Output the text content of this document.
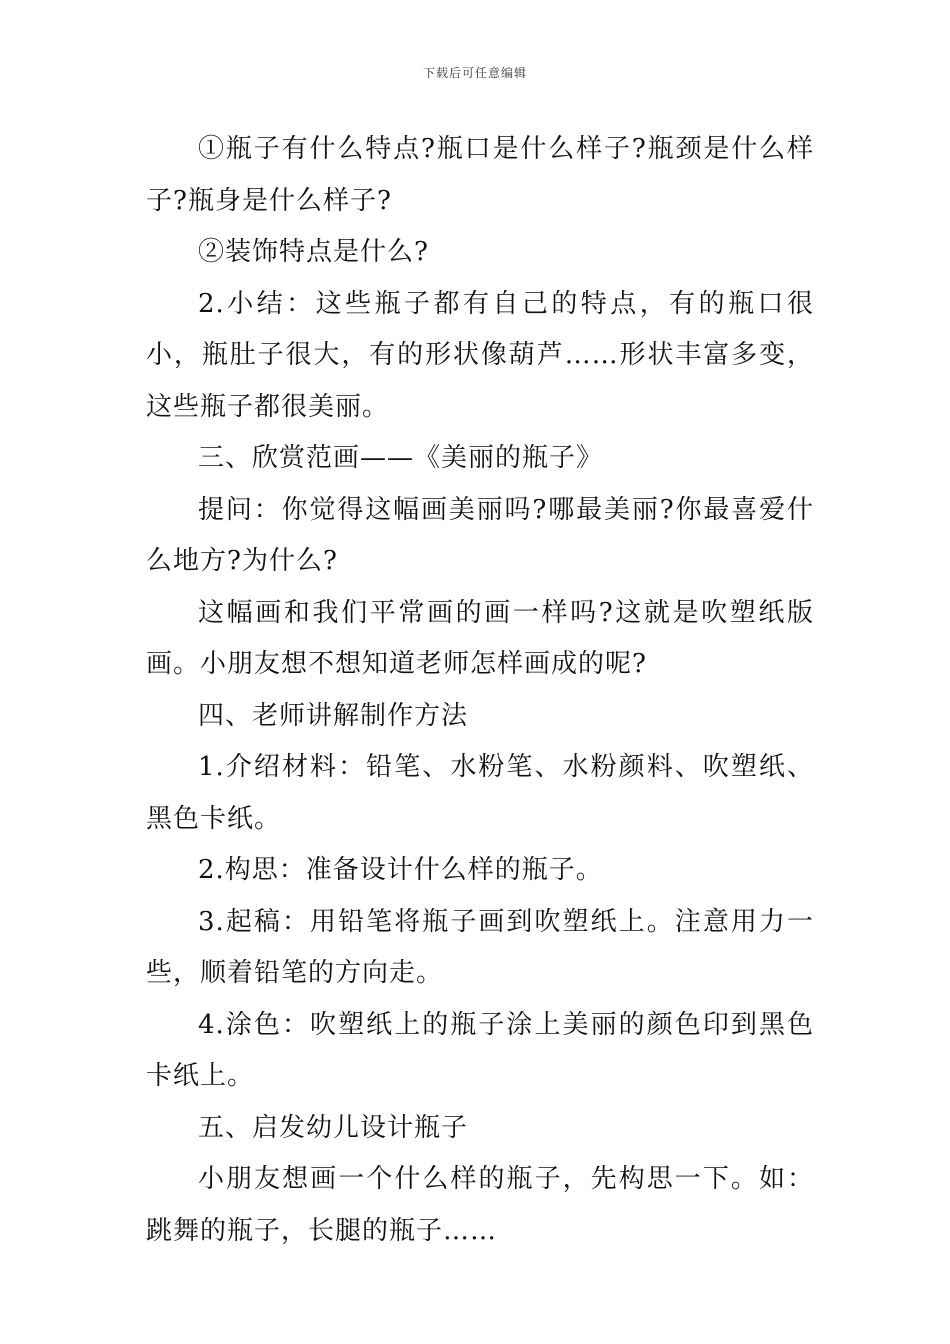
下载后可任意编辑

①瓶子有什么特点?瓶口是什么样子?瓶颈是什么样子?瓶身是什么样子?

②装饰特点是什么?

2.小结：这些瓶子都有自己的特点，有的瓶口很小，瓶肚子很大，有的形状像葫芦……形状丰富多变，这些瓶子都很美丽。

三、欣赏范画——《美丽的瓶子》

提问：你觉得这幅画美丽吗?哪最美丽?你最喜爱什么地方?为什么?

这幅画和我们平常画的画一样吗?这就是吹塑纸版画。小朋友想不想知道老师怎样画成的呢?

四、老师讲解制作方法

1.介绍材料：铅笔、水粉笔、水粉颜料、吹塑纸、黑色卡纸。

2.构思：准备设计什么样的瓶子。

3.起稿：用铅笔将瓶子画到吹塑纸上。注意用力一些，顺着铅笔的方向走。

4.涂色：吹塑纸上的瓶子涂上美丽的颜色印到黑色卡纸上。

五、启发幼儿设计瓶子

小朋友想画一个什么样的瓶子，先构思一下。如：跳舞的瓶子，长腿的瓶子……
